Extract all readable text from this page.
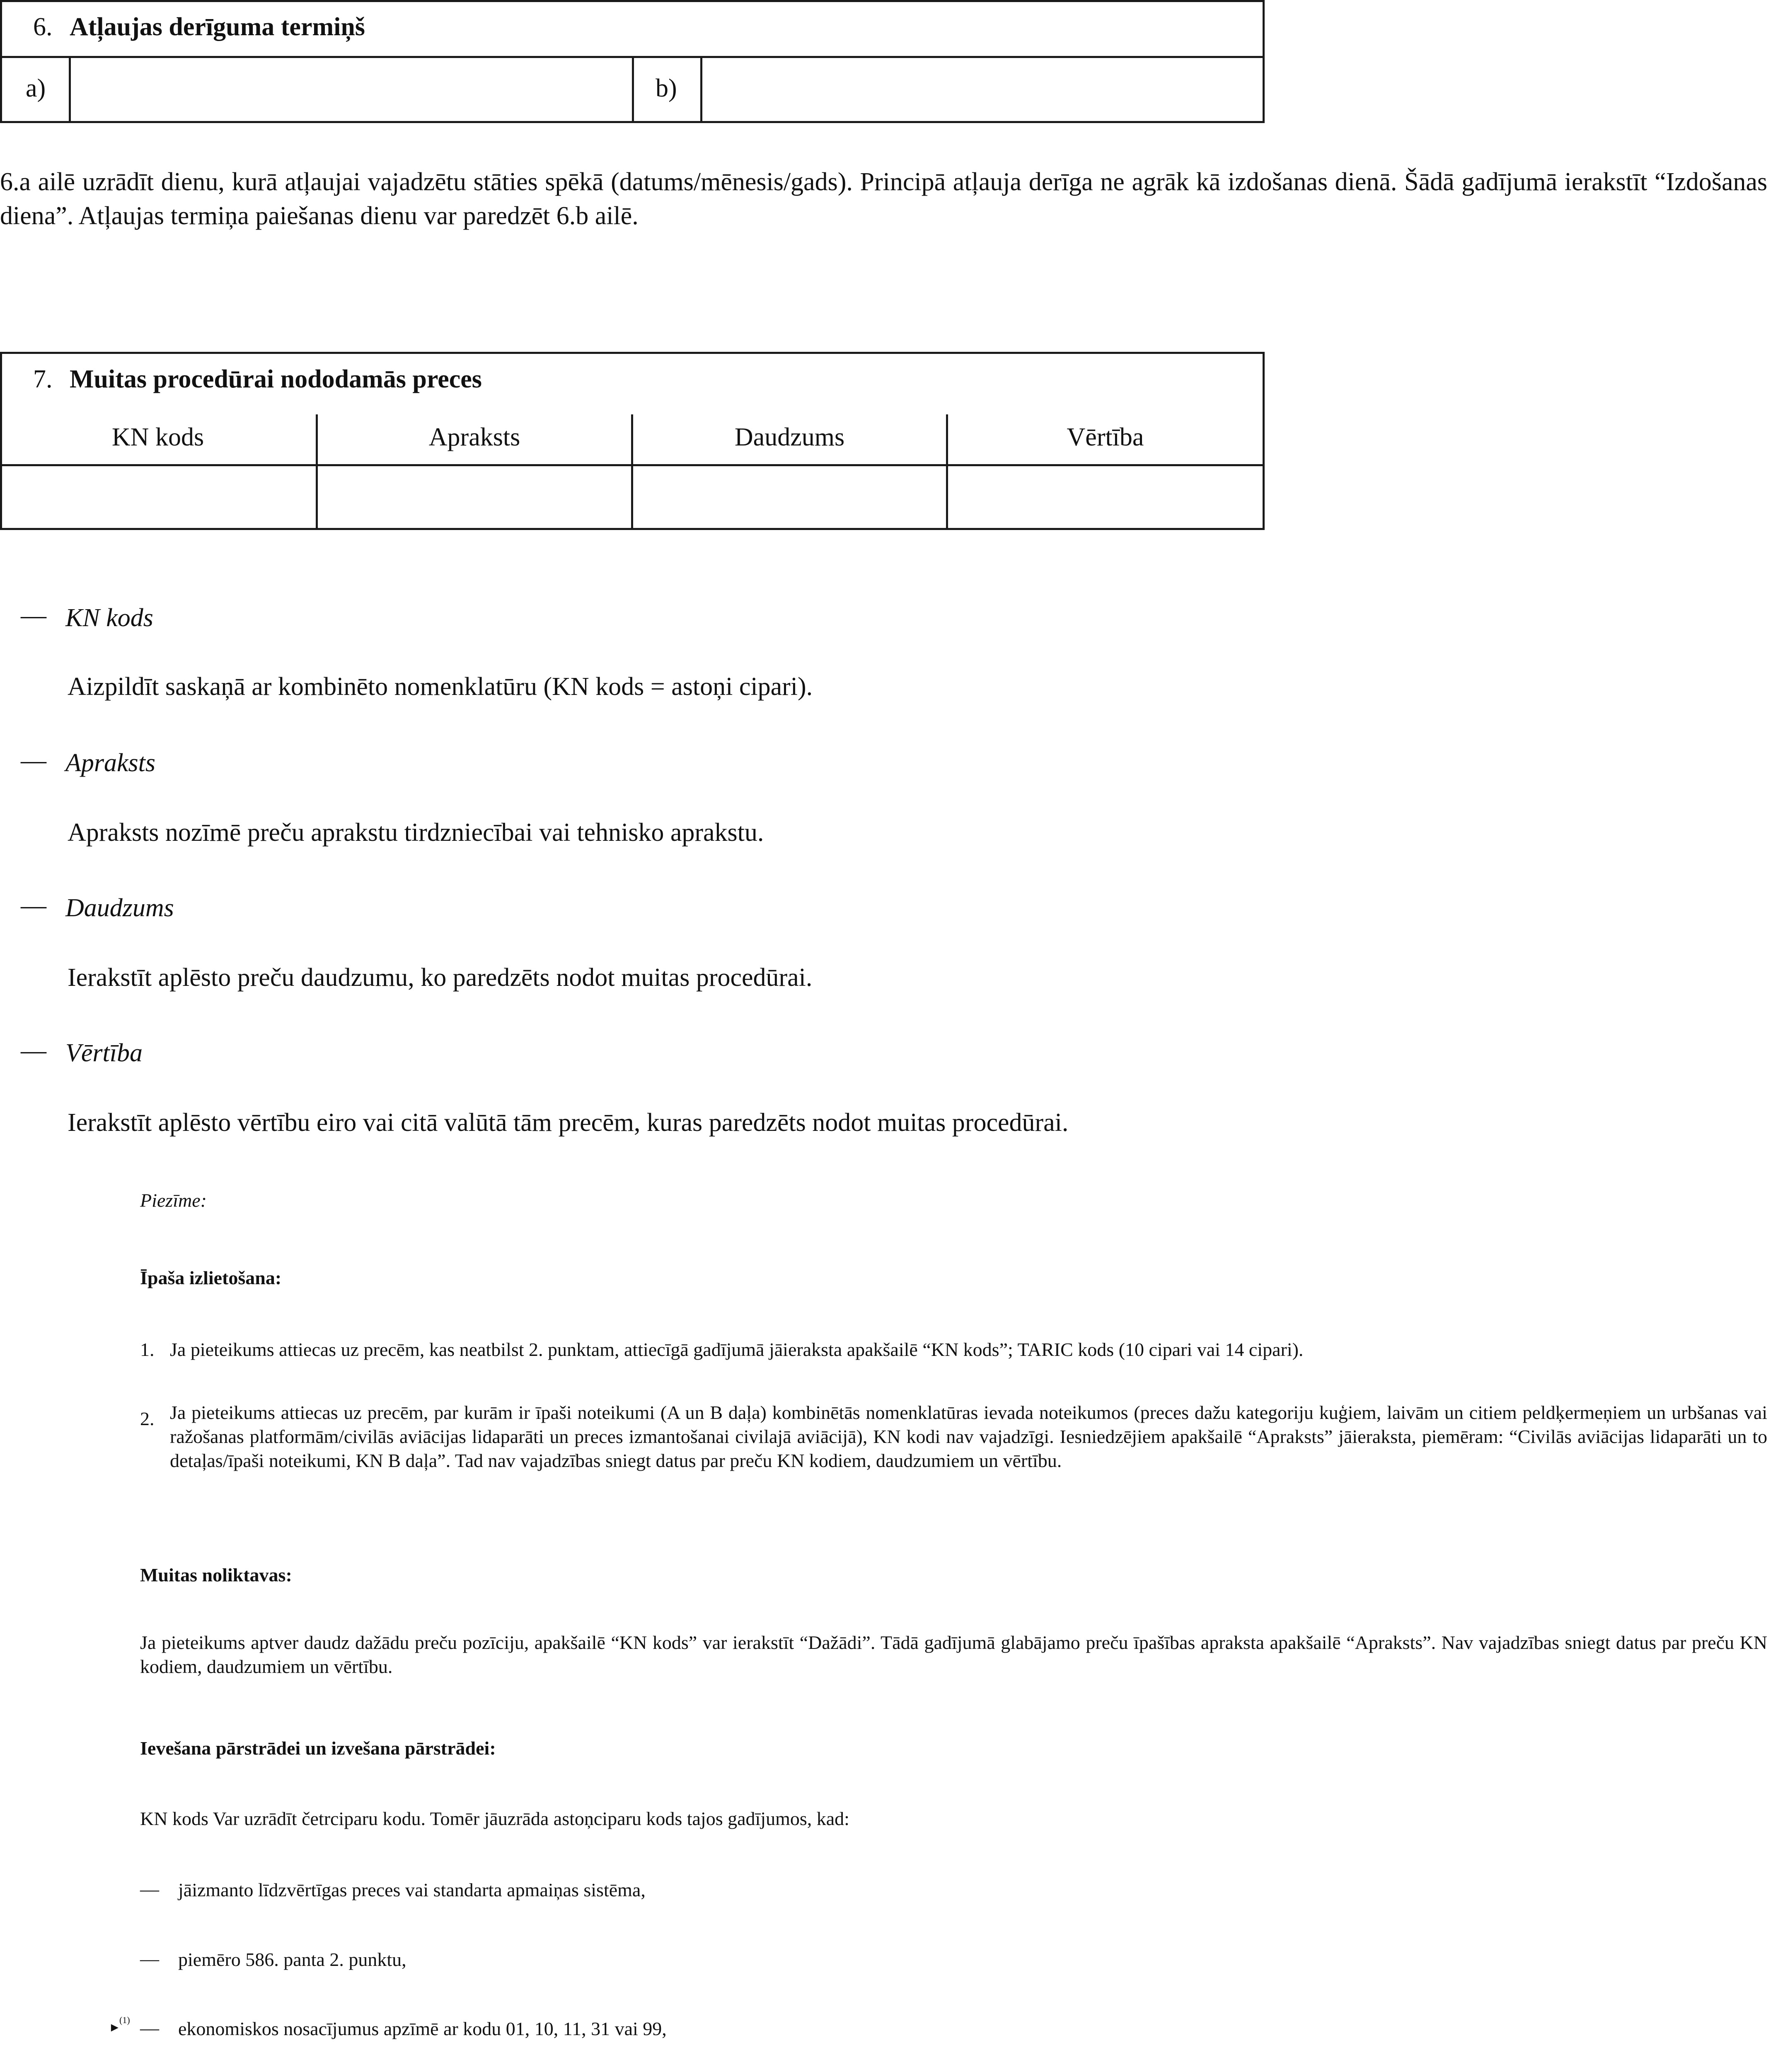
6. Atļaujas derīguma termiņš
a)	b)
6.a ailē uzrādīt dienu, kurā atļaujai vajadzētu stāties spēkā (datums/mēnesis/gads). Principā atļauja derīga ne agrāk kā izdošanas dienā. Šādā gadījumā ierakstīt “Izdošanas diena”. Atļaujas termiņa paiešanas dienu var paredzēt 6.b ailē.
7. Muitas procedūrai nododamās preces
KN kods	Apraksts	Daudzums	Vērtība
— KN kods
Aizpildīt saskaņā ar kombinēto nomenklatūru (KN kods = astoņi cipari).
— Apraksts
Apraksts nozīmē preču aprakstu tirdzniecībai vai tehnisko aprakstu.
— Daudzums
Ierakstīt aplēsto preču daudzumu, ko paredzēts nodot muitas procedūrai.
— Vērtība
Ierakstīt aplēsto vērtību eiro vai citā valūtā tām precēm, kuras paredzēts nodot muitas procedūrai.
Piezīme:
Īpaša izlietošana:
1. Ja pieteikums attiecas uz precēm, kas neatbilst 2. punktam, attiecīgā gadījumā jāieraksta apakšailē “KN kods”; TARIC kods (10 cipari vai 14 cipari).
2. Ja pieteikums attiecas uz precēm, par kurām ir īpaši noteikumi (A un B daļa) kombinētās nomenklatūras ievada noteikumos (preces dažu kategoriju kuģiem, laivām un citiem peldķermeņiem un urbšanas vai ražošanas platformām/civilās aviācijas lidaparāti un preces izmantošanai civilajā aviācijā), KN kodi nav vajadzīgi. Iesniedzējiem apakšailē “Apraksts” jāieraksta, piemēram: “Civilās aviācijas lidaparāti un to detaļas/īpaši noteikumi, KN B daļa”. Tad nav vajadzības sniegt datus par preču KN kodiem, daudzumiem un vērtību.
Muitas noliktavas:
Ja pieteikums aptver daudz dažādu preču pozīciju, apakšailē “KN kods” var ierakstīt “Dažādi”. Tādā gadījumā glabājamo preču īpašības apraksta apakšailē “Apraksts”. Nav vajadzības sniegt datus par preču KN kodiem, daudzumiem un vērtību.
Ievešana pārstrādei un izvešana pārstrādei:
KN kods Var uzrādīt četrciparu kodu. Tomēr jāuzrāda astoņciparu kods tajos gadījumos, kad:
— jāizmanto līdzvērtīgas preces vai standarta apmaiņas sistēma,
— piemēro 586. panta 2. punktu,
►
(1) — ekonomiskos nosacījumus apzīmē ar kodu 01, 10, 11, 31 vai 99,
